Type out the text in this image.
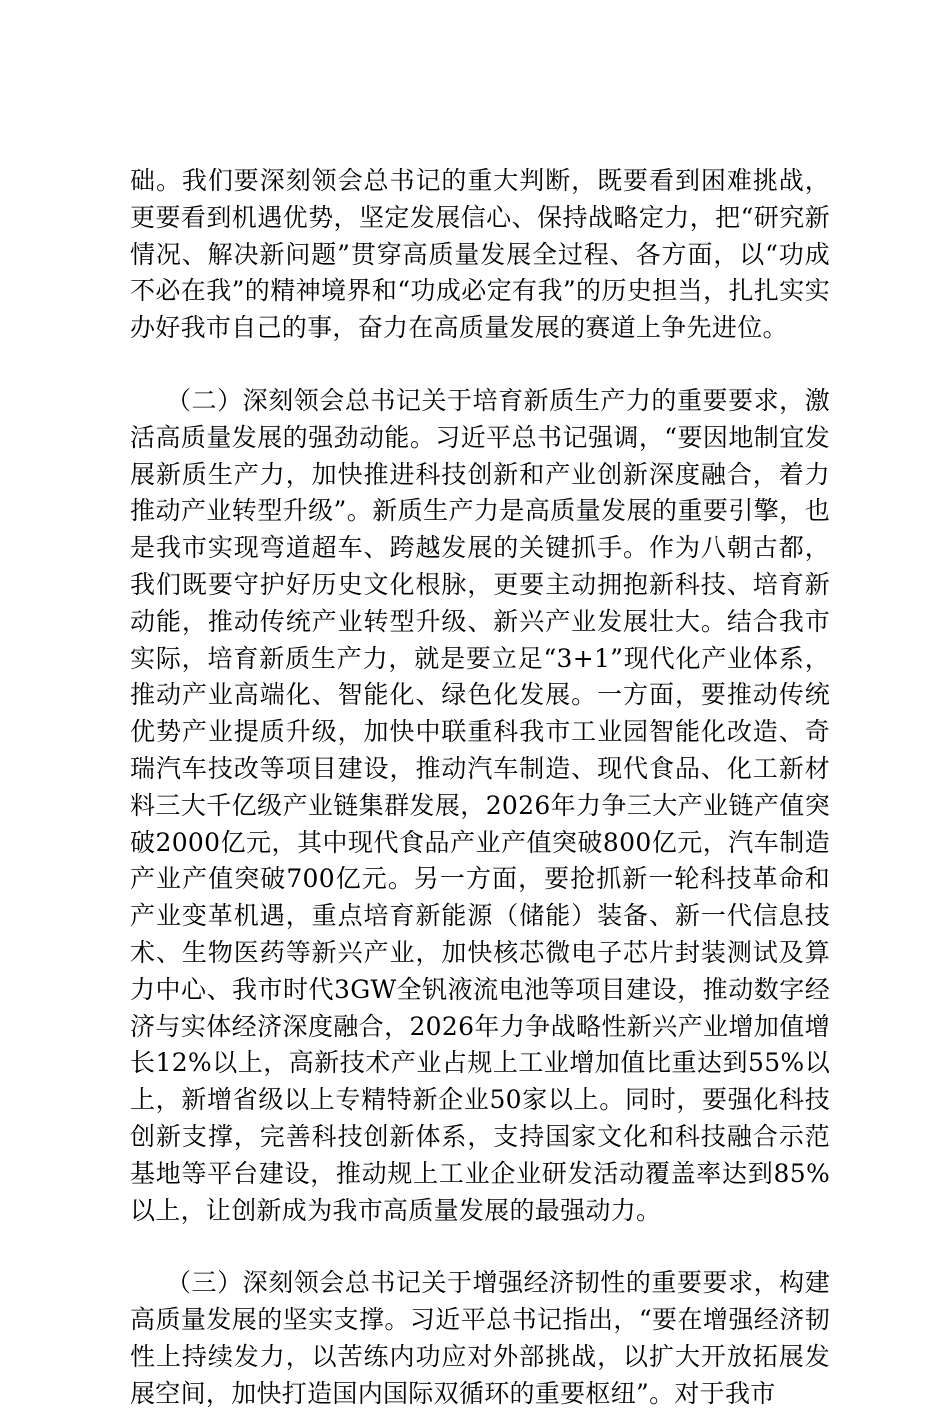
础。我们要深刻领会总书记的重大判断，既要看到困难挑战，更要看到机遇优势，坚定发展信心、保持战略定力，把“研究新情况、解决新问题”贯穿高质量发展全过程、各方面，以“功成不必在我”的精神境界和“功成必定有我”的历史担当，扎扎实实办好我市自己的事，奋力在高质量发展的赛道上争先进位。

（二）深刻领会总书记关于培育新质生产力的重要要求，激活高质量发展的强劲动能。习近平总书记强调，“要因地制宜发展新质生产力，加快推进科技创新和产业创新深度融合，着力推动产业转型升级”。新质生产力是高质量发展的重要引擎，也是我市实现弯道超车、跨越发展的关键抓手。作为八朝古都，我们既要守护好历史文化根脉，更要主动拥抱新科技、培育新动能，推动传统产业转型升级、新兴产业发展壮大。结合我市实际，培育新质生产力，就是要立足“3+1”现代化产业体系，推动产业高端化、智能化、绿色化发展。一方面，要推动传统优势产业提质升级，加快中联重科我市工业园智能化改造、奇瑞汽车技改等项目建设，推动汽车制造、现代食品、化工新材料三大千亿级产业链集群发展，2026年力争三大产业链产值突破2000亿元，其中现代食品产业产值突破800亿元，汽车制造产业产值突破700亿元。另一方面，要抢抓新一轮科技革命和产业变革机遇，重点培育新能源（储能）装备、新一代信息技术、生物医药等新兴产业，加快核芯微电子芯片封装测试及算力中心、我市时代3GW全钒液流电池等项目建设，推动数字经济与实体经济深度融合，2026年力争战略性新兴产业增加值增长12%以上，高新技术产业占规上工业增加值比重达到55%以上，新增省级以上专精特新企业50家以上。同时，要强化科技创新支撑，完善科技创新体系，支持国家文化和科技融合示范基地等平台建设，推动规上工业企业研发活动覆盖率达到85%以上，让创新成为我市高质量发展的最强动力。

（三）深刻领会总书记关于增强经济韧性的重要要求，构建高质量发展的坚实支撑。习近平总书记指出，“要在增强经济韧性上持续发力，以苦练内功应对外部挑战，以扩大开放拓展发展空间，加快打造国内国际双循环的重要枢纽”。对于我市
